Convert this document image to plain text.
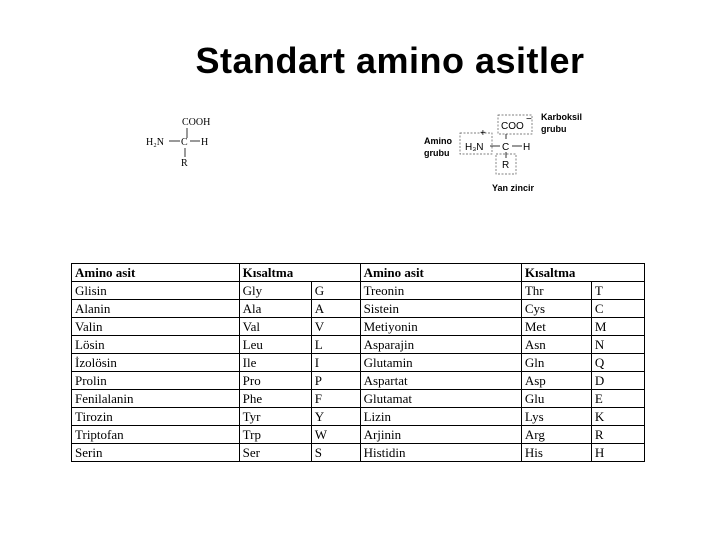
Standart amino asitler
COOH
H₂N C H
R
COO
−
+
H₃N C H
R
Karboksil
grubu
Amino
grubu
Yan zincir
Amino asit	Kısaltma		Amino asit	Kısaltma	
Glisin	Gly	G	Treonin	Thr	T
Alanin	Ala	A	Sistein	Cys	C
Valin	Val	V	Metiyonin	Met	M
Lösin	Leu	L	Asparajin	Asn	N
İzolösin	Ile	I	Glutamin	Gln	Q
Prolin	Pro	P	Aspartat	Asp	D
Fenilalanin	Phe	F	Glutamat	Glu	E
Tirozin	Tyr	Y	Lizin	Lys	K
Triptofan	Trp	W	Arjinin	Arg	R
Serin	Ser	S	Histidin	His	H
